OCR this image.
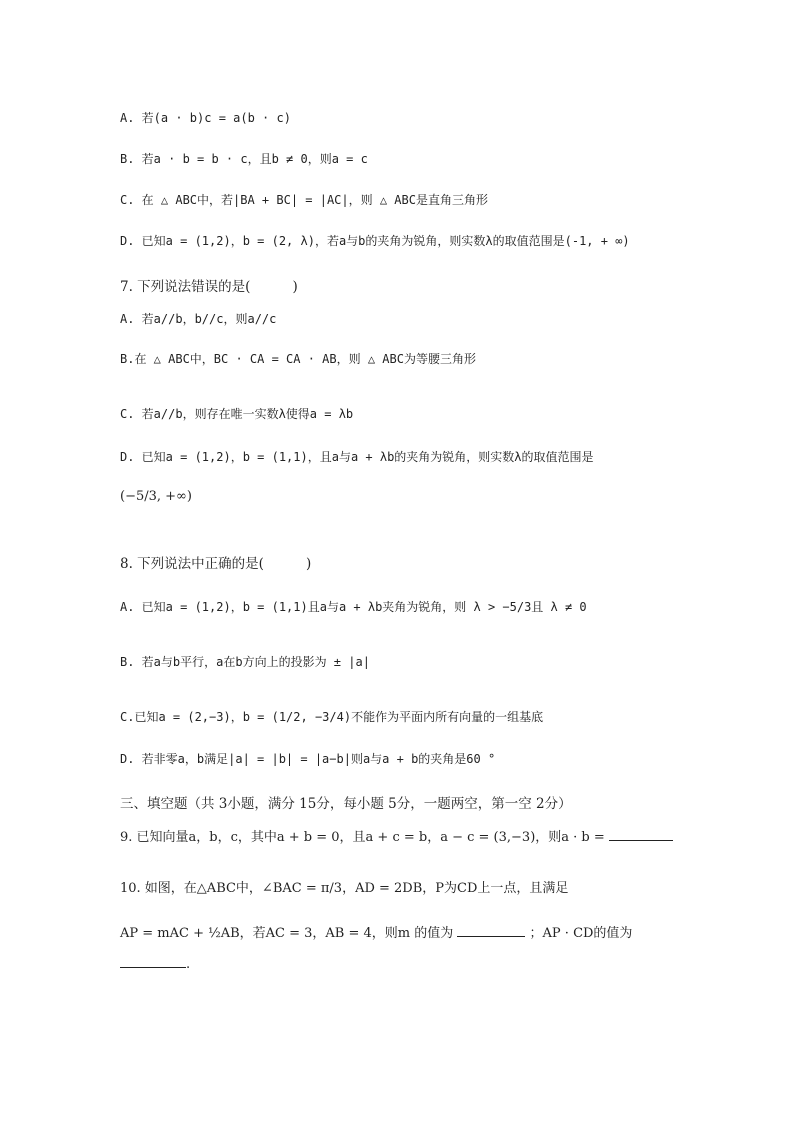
A. 若(a · b)c = a(b · c)
B. 若a · b = b · c，且b ≠ 0，则a = c
C. 在 △ ABC中，若|BA + BC| = |AC|，则 △ ABC是直角三角形
D. 已知a = (1,2)，b = (2, λ)，若a与b的夹角为锐角，则实数λ的取值范围是(-1, + ∞)
7. 下列说法错误的是(	)
A. 若a//b，b//c，则a//c
B.在 △ ABC中，BC · CA = CA · AB，则 △ ABC为等腰三角形
C. 若a//b，则存在唯一实数λ使得a = λb
D. 已知a = (1,2)，b = (1,1)，且a与a + λb的夹角为锐角，则实数λ的取值范围是
(−5/3, +∞)
8. 下列说法中正确的是(	)
A. 已知a = (1,2)，b = (1,1)且a与a + λb夹角为锐角，则 λ > −5/3且 λ ≠ 0
B. 若a与b平行，a在b方向上的投影为 ± |a|
C.已知a = (2,−3)，b = (1/2, −3/4)不能作为平面内所有向量的一组基底
D. 若非零a，b满足|a| = |b| = |a−b|则a与a + b的夹角是60 °
三、填空题（共 3小题，满分 15分，每小题 5分，一题两空，第一空 2分）
9. 已知向量a，b，c，其中a + b = 0，且a + c = b，a − c = (3,−3)，则a · b =
10. 如图，在△ABC中，∠BAC = π/3，AD = 2DB，P为CD上一点，且满足
AP = mAC + ½AB，若AC = 3，AB = 4，则m 的值为	；AP · CD的值为
.
